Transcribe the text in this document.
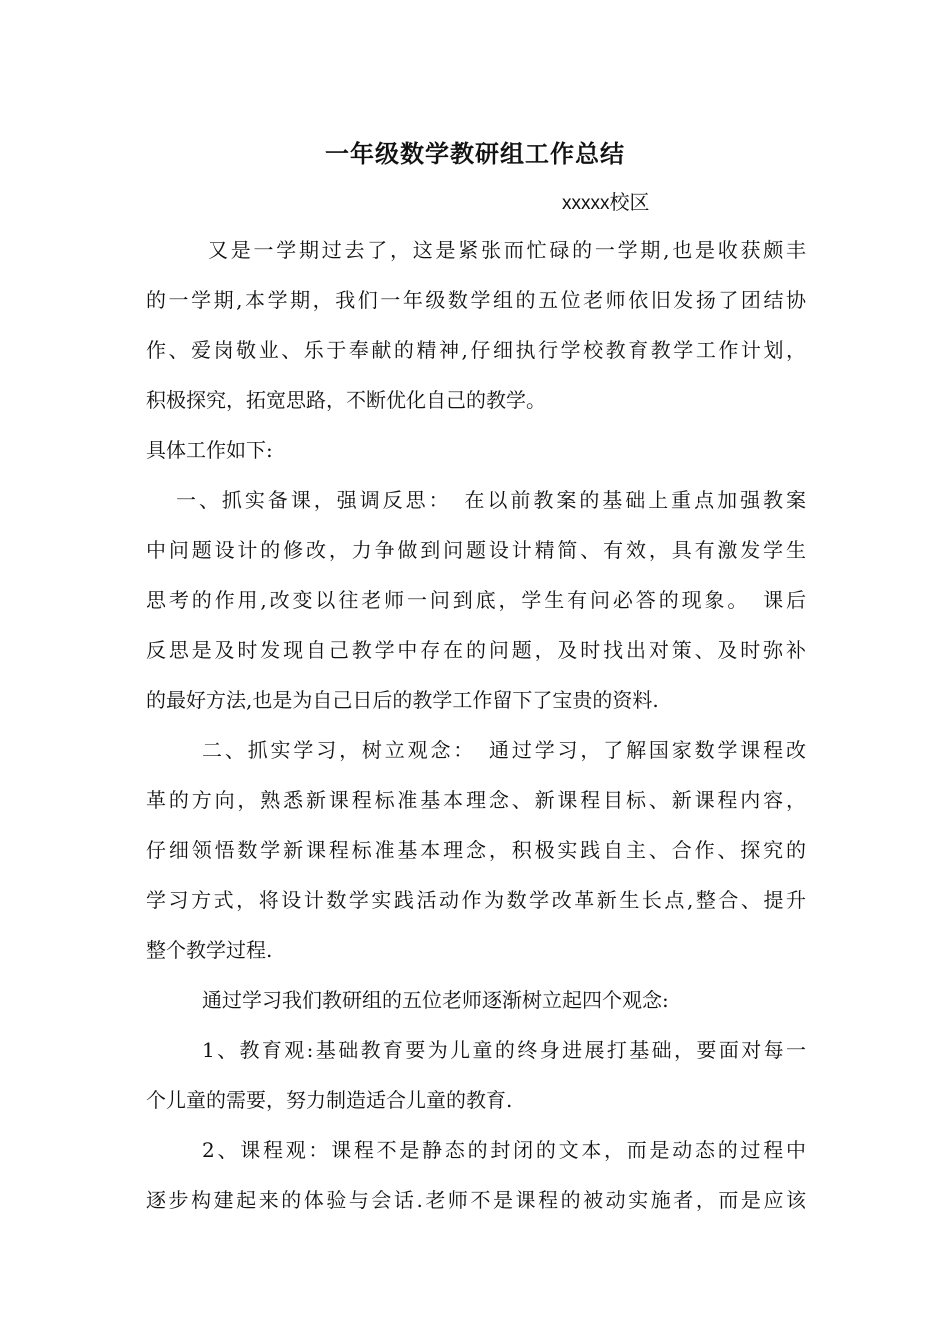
一年级数学教研组工作总结
xxxxx校区
又是一学期过去了，这是紧张而忙碌的一学期,也是收获颇丰
的一学期,本学期，我们一年级数学组的五位老师依旧发扬了团结协
作、爱岗敬业、乐于奉献的精神,仔细执行学校教育教学工作计划，
积极探究，拓宽思路，不断优化自己的教学。
具体工作如下:
一、抓实备课，强调反思：　在以前教案的基础上重点加强教案
中问题设计的修改，力争做到问题设计精简、有效，具有激发学生
思考的作用,改变以往老师一问到底，学生有问必答的现象。　课后
反思是及时发现自己教学中存在的问题，及时找出对策、及时弥补
的最好方法,也是为自己日后的教学工作留下了宝贵的资料.
二、抓实学习，树立观念：　通过学习，了解国家数学课程改
革的方向，熟悉新课程标准基本理念、新课程目标、新课程内容，
仔细领悟数学新课程标准基本理念，积极实践自主、合作、探究的
学习方式，将设计数学实践活动作为数学改革新生长点,整合、提升
整个教学过程.
通过学习我们教研组的五位老师逐渐树立起四个观念:
1、教育观:基础教育要为儿童的终身进展打基础，要面对每一
个儿童的需要，努力制造适合儿童的教育.
2、课程观：课程不是静态的封闭的文本，而是动态的过程中
逐步构建起来的体验与会话.老师不是课程的被动实施者，而是应该
